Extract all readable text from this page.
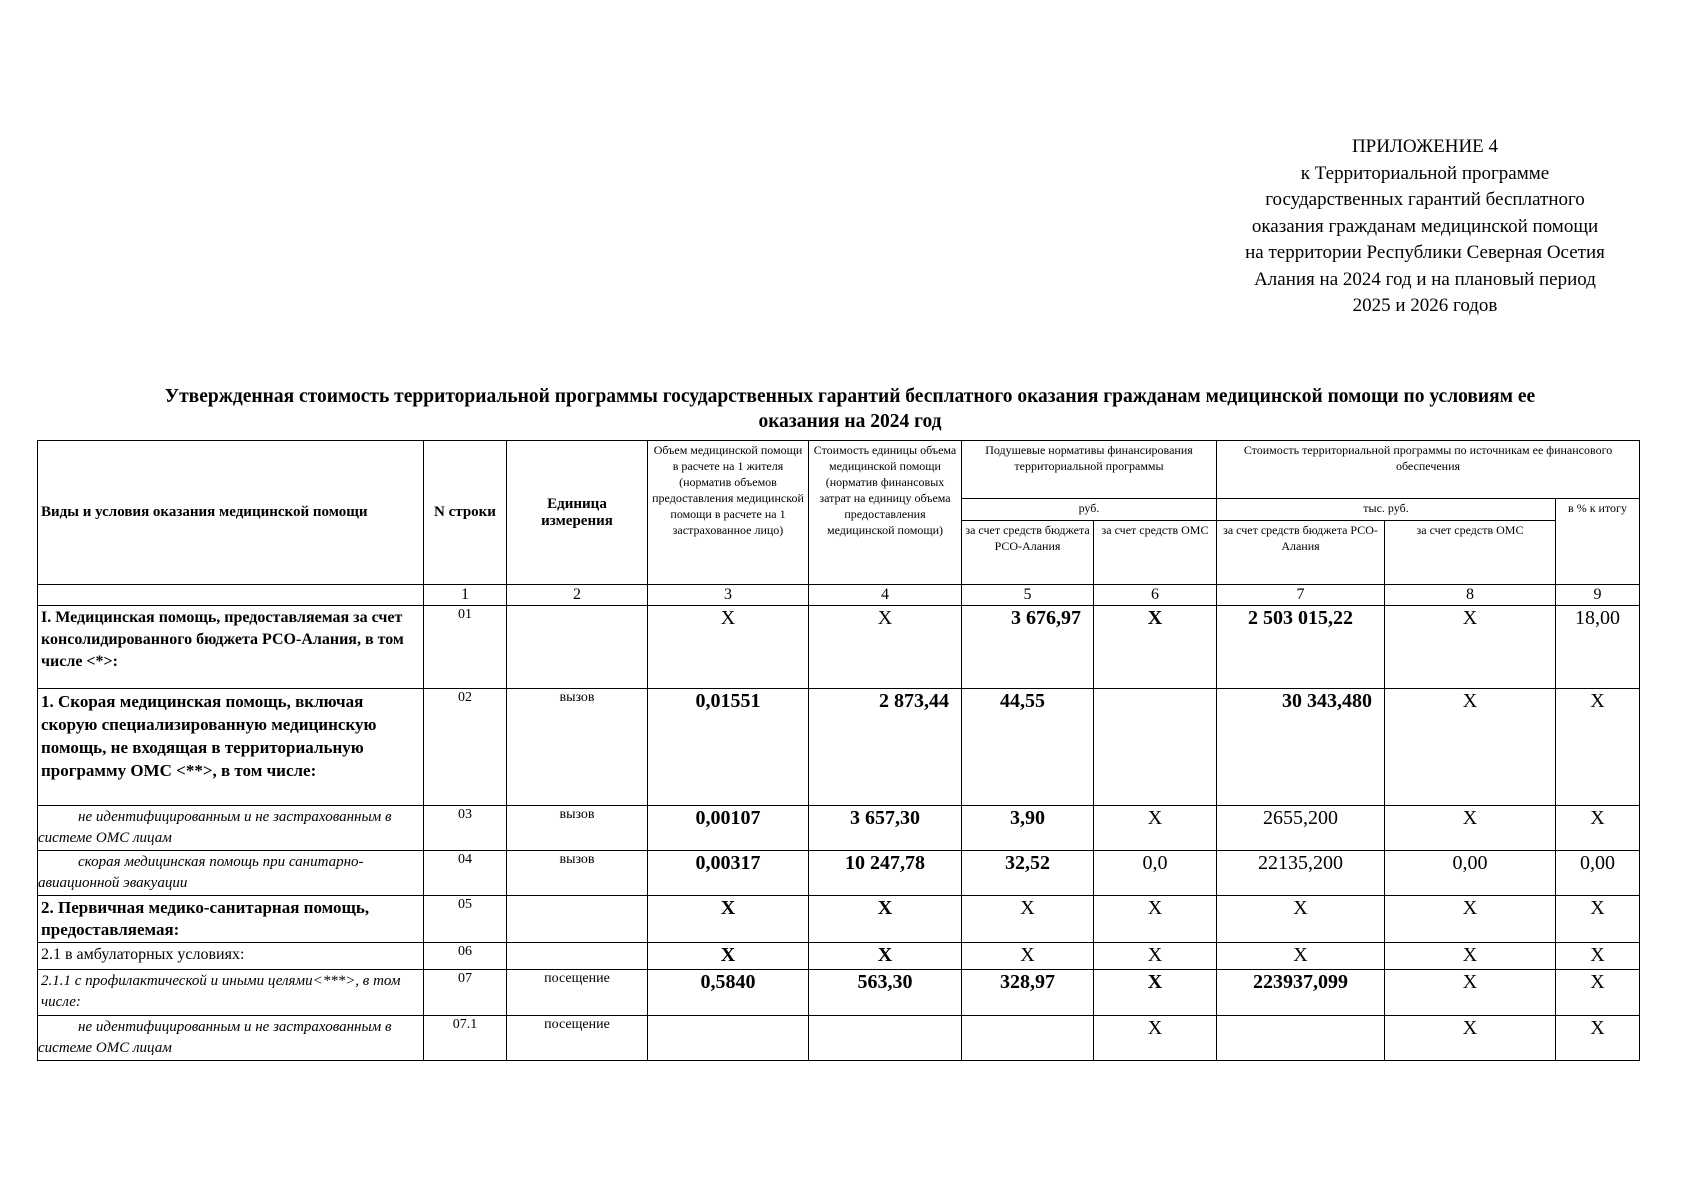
ПРИЛОЖЕНИЕ 4
к Территориальной программе
государственных гарантий бесплатного
оказания гражданам медицинской помощи
на территории Республики Северная Осетия
Алания на 2024 год и на плановый период
2025 и 2026 годов
Утвержденная стоимость территориальной программы государственных гарантий бесплатного оказания гражданам медицинской помощи по условиям ее
оказания на 2024 год
Виды и условия оказания медицинской помощи	N строки	Единица измерения	Объем медицинской помощи в расчете на 1 жителя (норматив объемов предоставления медицинской помощи в расчете на 1 застрахованное лицо)	Стоимость единицы объема медицинской помощи (норматив финансовых затрат на единицу объема предоставления медицинской помощи)	Подушевые нормативы финансирования территориальной программы		Стоимость территориальной программы по источникам ее финансового обеспечения		
					руб.		тыс. руб.		в % к итогу
					за счет средств бюджета РСО-Алания	за счет средств ОМС	за счет средств бюджета РСО-Алания	за счет средств ОМС	
	1	2	3	4	5	6	7	8	9
I. Медицинская помощь, предоставляемая за счет консолидированного бюджета РСО-Алания, в том числе <*>:	01		X	X	3 676,97	X	2 503 015,22	X	18,00
1. Скорая медицинская помощь, включая скорую специализированную медицинскую помощь, не входящая в территориальную программу ОМС <**>, в том числе:	02	вызов	0,01551	2 873,44	44,55		30 343,480	X	X
не идентифицированным и не застрахованным в системе ОМС лицам	03	вызов	0,00107	3 657,30	3,90	X	2655,200	X	X
скорая медицинская помощь при санитарно-авиационной эвакуации	04	вызов	0,00317	10 247,78	32,52	0,0	22135,200	0,00	0,00
2. Первичная медико-санитарная помощь, предоставляемая:	05		X	X	X	X	X	X	X
2.1 в амбулаторных условиях:	06		X	X	X	X	X	X	X
2.1.1 с профилактической и иными целями<***>, в том числе:	07	посещение	0,5840	563,30	328,97	X	223937,099	X	X
не идентифицированным и не застрахованным в системе ОМС лицам	07.1	посещение				X		X	X
